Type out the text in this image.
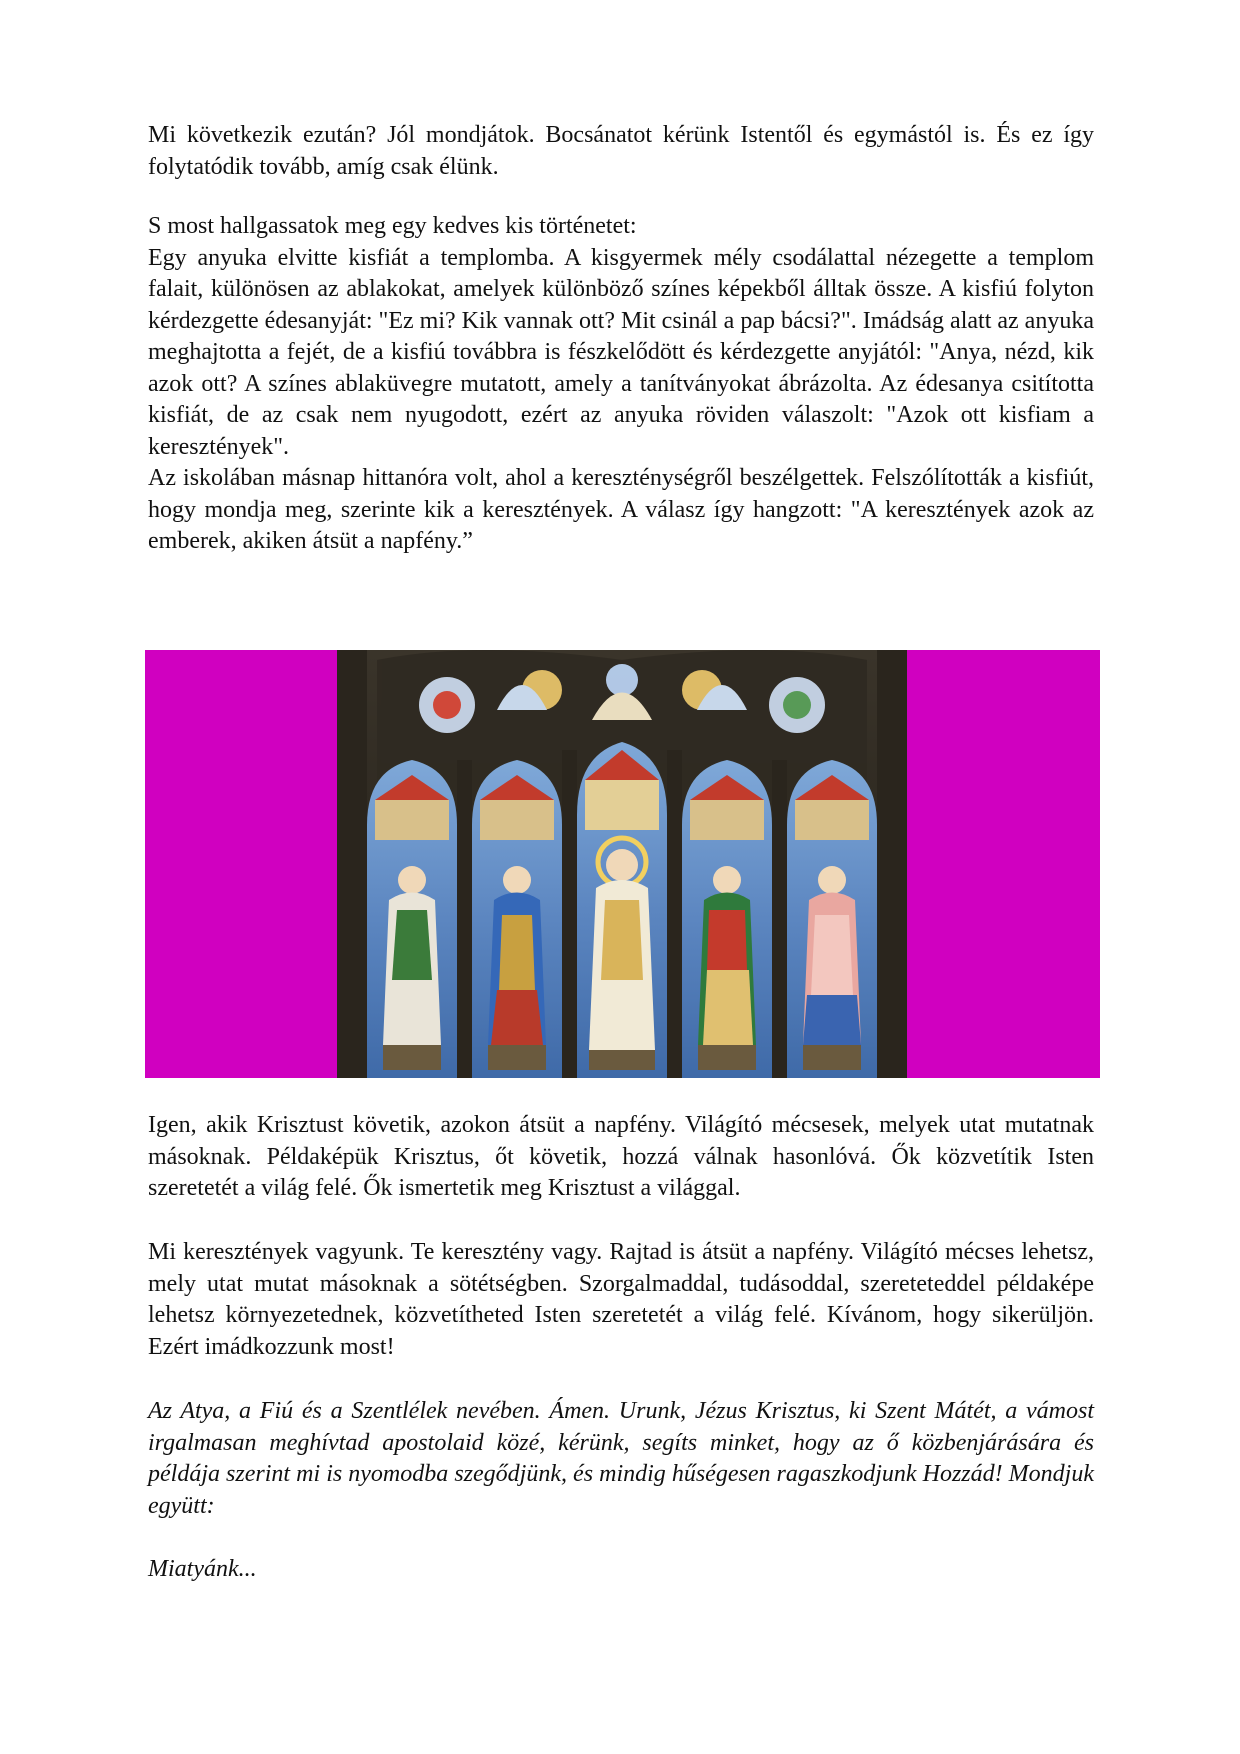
Mi következik ezután? Jól mondjátok. Bocsánatot kérünk Istentől és egymástól is. És ez így folytatódik tovább, amíg csak élünk.

S most hallgassatok meg egy kedves kis történetet:
Egy anyuka elvitte kisfiát a templomba. A kisgyermek mély csodálattal nézegette a templom falait, különösen az ablakokat, amelyek különböző színes képekből álltak össze. A kisfiú folyton kérdezgette édesanyját: "Ez mi? Kik vannak ott? Mit csinál a pap bácsi?". Imádság alatt az anyuka meghajtotta a fejét, de a kisfiú továbbra is fészkelődött és kérdezgette anyjától: "Anya, nézd, kik azok ott? A színes ablaküvegre mutatott, amely a tanítványokat ábrázolta. Az édesanya csitította kisfiát, de az csak nem nyugodott, ezért az anyuka röviden válaszolt: "Azok ott kisfiam a keresztények".
Az iskolában másnap hittanóra volt, ahol a kereszténységről beszélgettek. Felszólították a kisfiút, hogy mondja meg, szerinte kik a keresztények. A válasz így hangzott: "A keresztények azok az emberek, akiken átsüt a napfény.”

Igen, akik Krisztust követik, azokon átsüt a napfény. Világító mécsesek, melyek utat mutatnak másoknak. Példaképük Krisztus, őt követik, hozzá válnak hasonlóvá. Ők közvetítik Isten szeretetét a világ felé. Ők ismertetik meg Krisztust a világgal.

Mi keresztények vagyunk. Te keresztény vagy. Rajtad is átsüt a napfény. Világító mécses lehetsz, mely utat mutat másoknak a sötétségben. Szorgalmaddal, tudásoddal, szereteteddel példaképe lehetsz környezetednek, közvetítheted Isten szeretetét a világ felé. Kívánom, hogy sikerüljön. Ezért imádkozzunk most!

Az Atya, a Fiú és a Szentlélek nevében. Ámen. Urunk, Jézus Krisztus, ki Szent Mátét, a vámost irgalmasan meghívtad apostolaid közé, kérünk, segíts minket, hogy az ő közbenjárására és példája szerint mi is nyomodba szegődjünk, és mindig hűségesen ragaszkodjunk Hozzád! Mondjuk együtt:

Miatyánk...
